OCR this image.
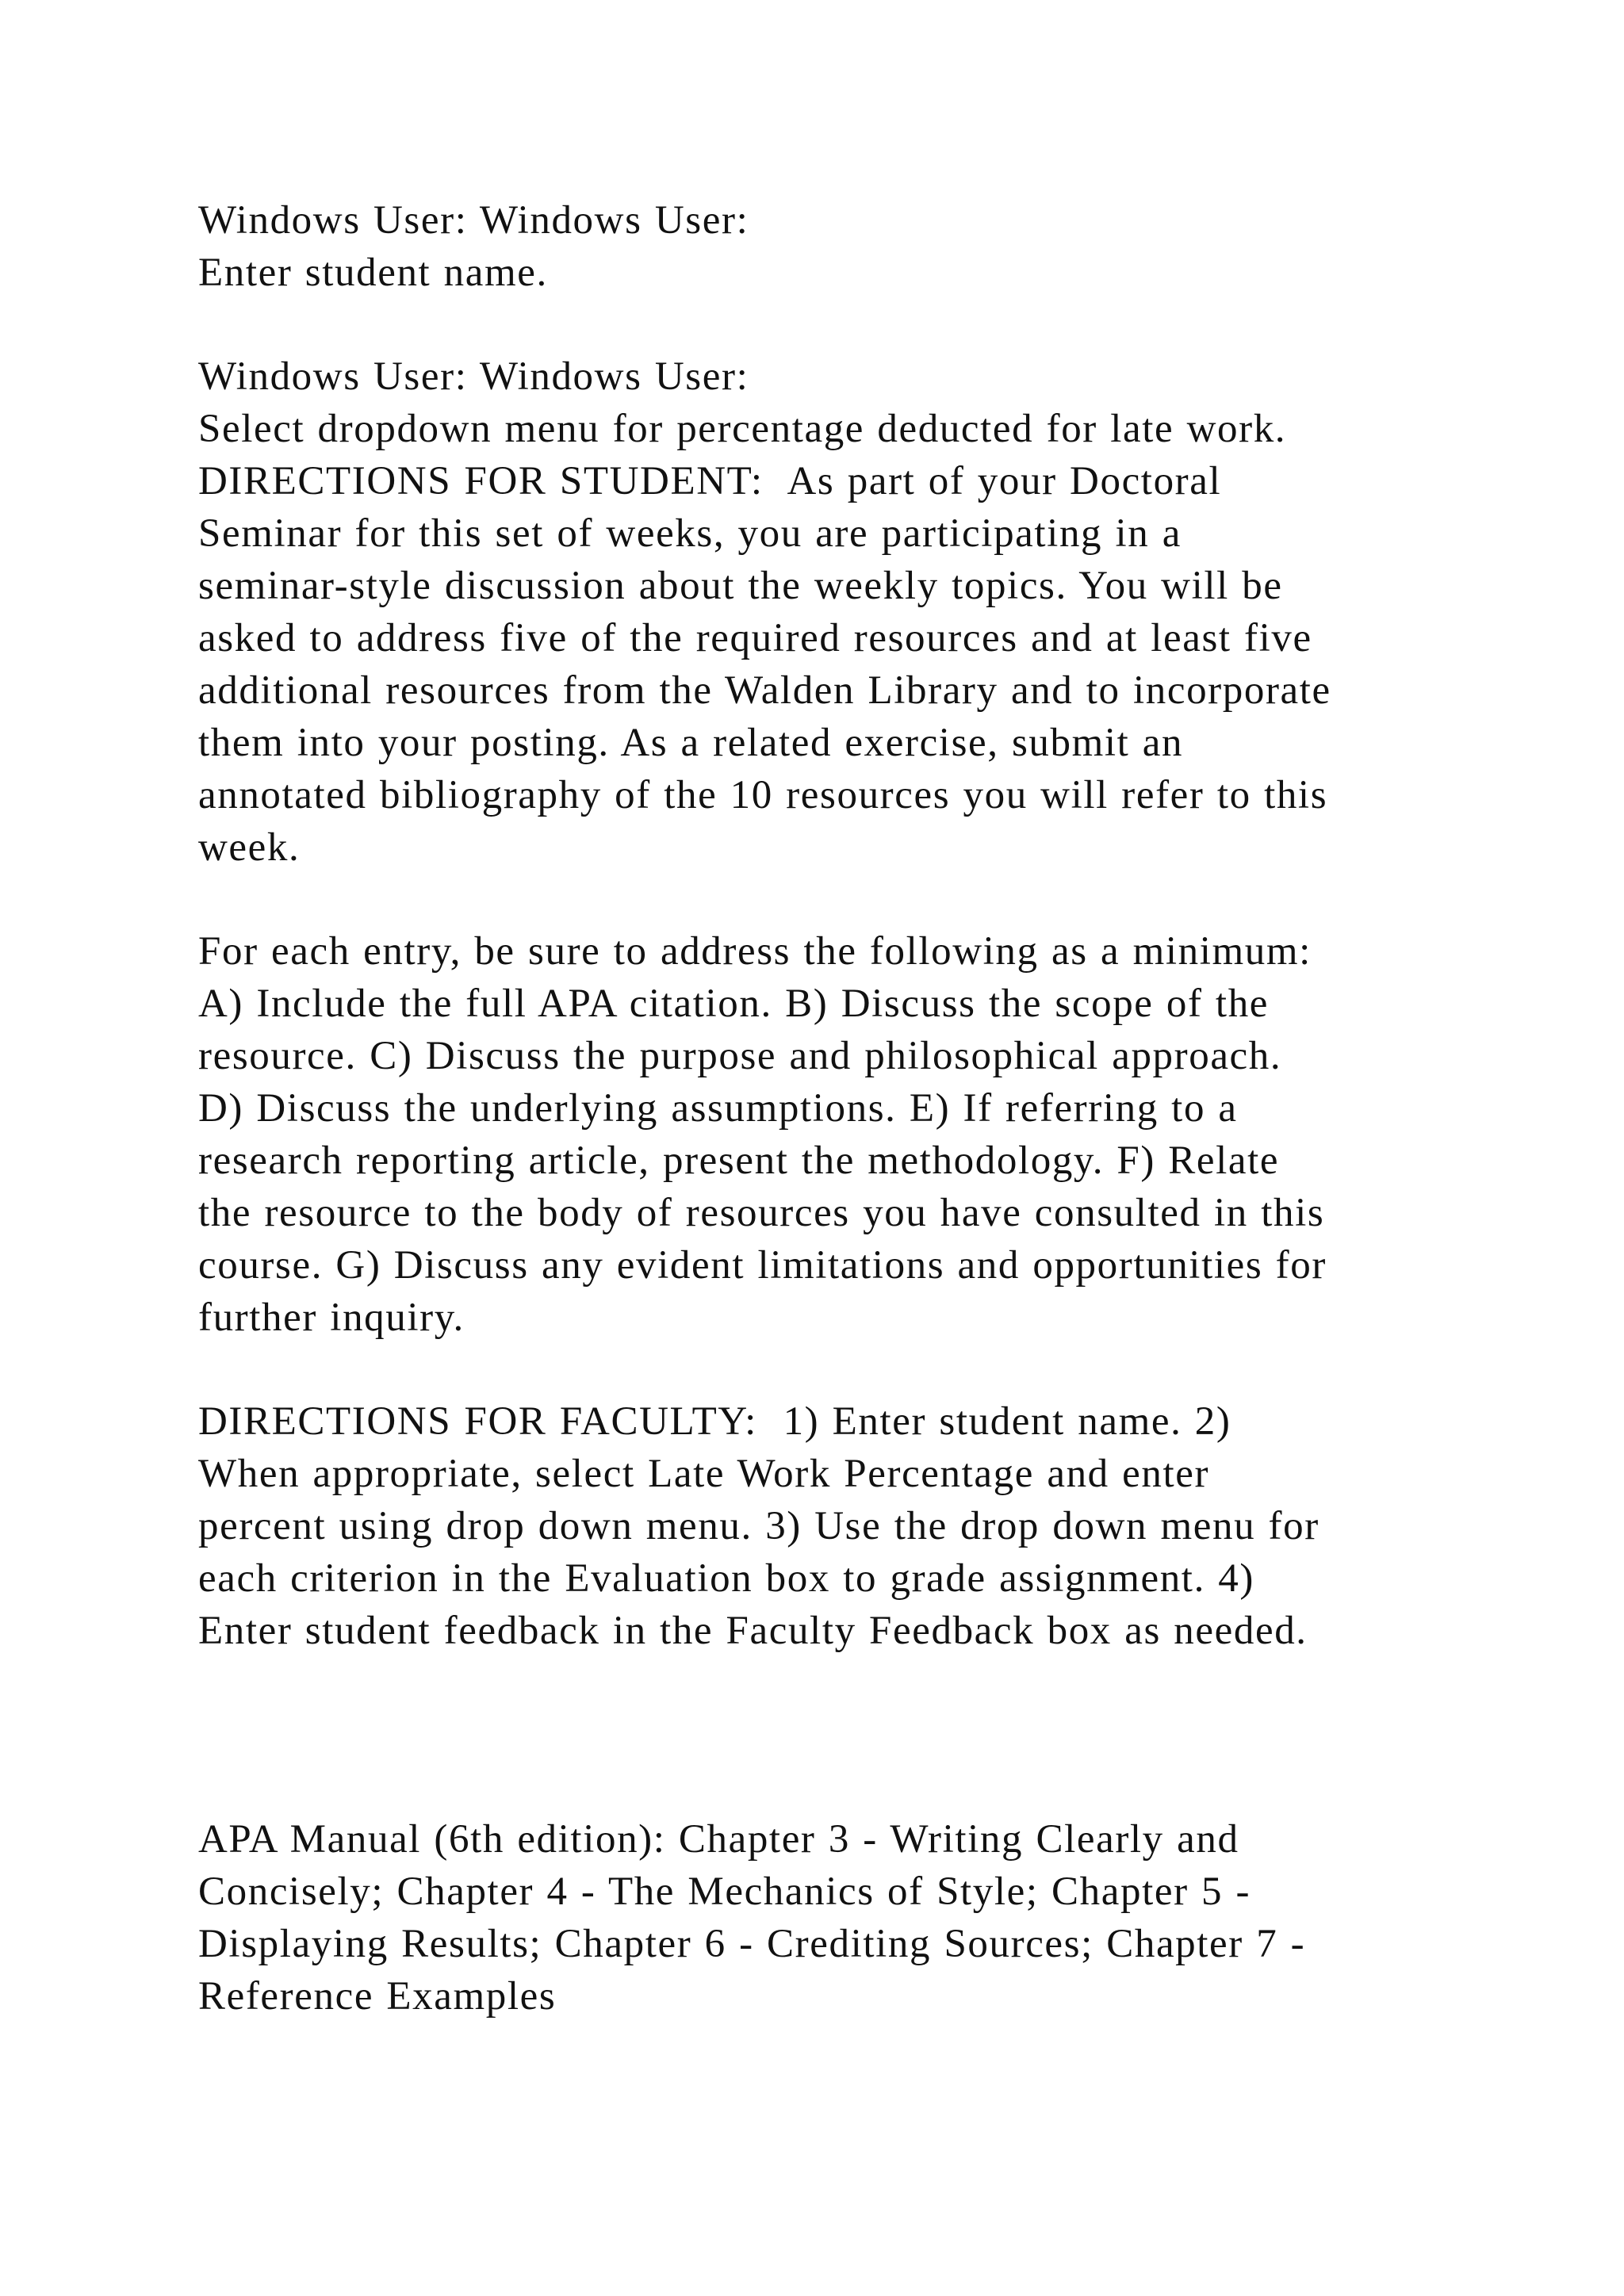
Windows User: Windows User:
Enter student name.
Windows User: Windows User:
Select dropdown menu for percentage deducted for late work.
DIRECTIONS FOR STUDENT:  As part of your Doctoral
Seminar for this set of weeks, you are participating in a
seminar-style discussion about the weekly topics. You will be
asked to address five of the required resources and at least five
additional resources from the Walden Library and to incorporate
them into your posting. As a related exercise, submit an
annotated bibliography of the 10 resources you will refer to this
week.
For each entry, be sure to address the following as a minimum:
A) Include the full APA citation. B) Discuss the scope of the
resource. C) Discuss the purpose and philosophical approach.
D) Discuss the underlying assumptions. E) If referring to a
research reporting article, present the methodology. F) Relate
the resource to the body of resources you have consulted in this
course. G) Discuss any evident limitations and opportunities for
further inquiry.
DIRECTIONS FOR FACULTY:  1) Enter student name. 2)
When appropriate, select Late Work Percentage and enter
percent using drop down menu. 3) Use the drop down menu for
each criterion in the Evaluation box to grade assignment. 4)
Enter student feedback in the Faculty Feedback box as needed.
APA Manual (6th edition): Chapter 3 - Writing Clearly and
Concisely; Chapter 4 - The Mechanics of Style; Chapter 5 -
Displaying Results; Chapter 6 - Crediting Sources; Chapter 7 -
Reference Examples
